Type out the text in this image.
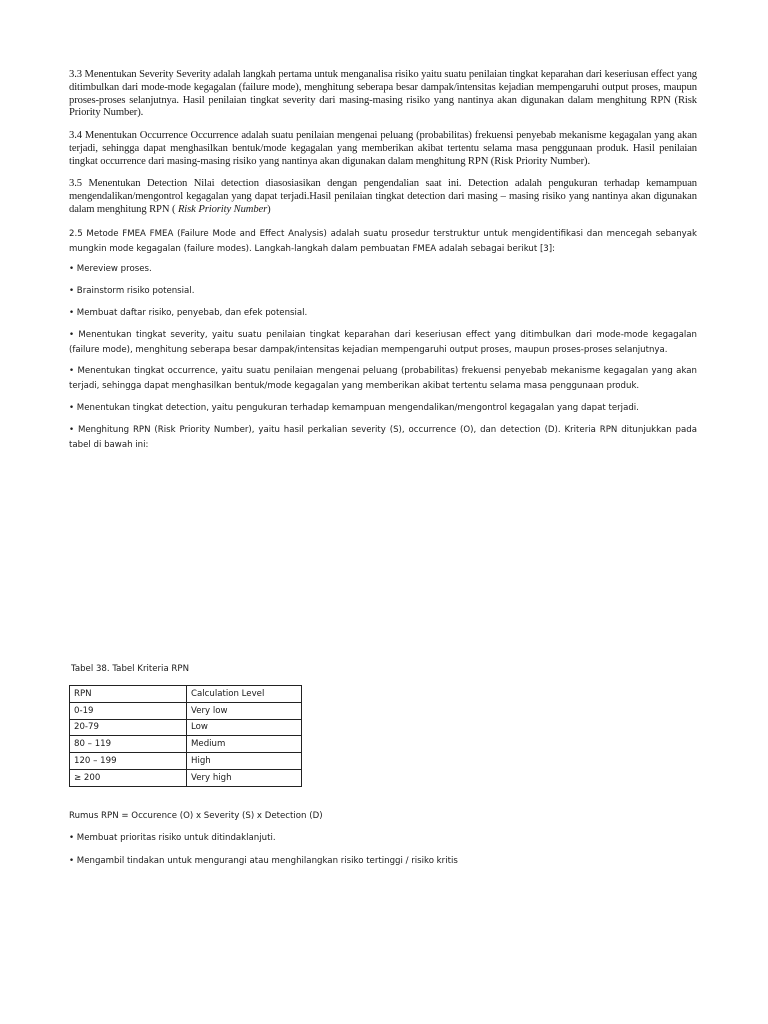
3.3 Menentukan Severity Severity adalah langkah pertama untuk menganalisa risiko yaitu suatu penilaian tingkat keparahan dari keseriusan effect yang ditimbulkan dari mode-mode kegagalan (failure mode), menghitung seberapa besar dampak/intensitas kejadian mempengaruhi output proses, maupun proses-proses selanjutnya. Hasil penilaian tingkat severity dari masing-masing risiko yang nantinya akan digunakan dalam menghitung RPN (Risk Priority Number).

3.4 Menentukan Occurrence Occurrence adalah suatu penilaian mengenai peluang (probabilitas) frekuensi penyebab mekanisme kegagalan yang akan terjadi, sehingga dapat menghasilkan bentuk/mode kegagalan yang memberikan akibat tertentu selama masa penggunaan produk. Hasil penilaian tingkat occurrence dari masing-masing risiko yang nantinya akan digunakan dalam menghitung RPN (Risk Priority Number).

3.5 Menentukan Detection Nilai detection diasosiasikan dengan pengendalian saat ini. Detection adalah pengukuran terhadap kemampuan mengendalikan/mengontrol kegagalan yang dapat terjadi.Hasil penilaian tingkat detection dari masing – masing risiko yang nantinya akan digunakan dalam menghitung RPN ( Risk Priority Number)

2.5 Metode FMEA FMEA (Failure Mode and Effect Analysis) adalah suatu prosedur terstruktur untuk mengidentifikasi dan mencegah sebanyak mungkin mode kegagalan (failure modes). Langkah-langkah dalam pembuatan FMEA adalah sebagai berikut [3]:

• Mereview proses.

• Brainstorm risiko potensial.

• Membuat daftar risiko, penyebab, dan efek potensial.

• Menentukan tingkat severity, yaitu suatu penilaian tingkat keparahan dari keseriusan effect yang ditimbulkan dari mode-mode kegagalan (failure mode), menghitung seberapa besar dampak/intensitas kejadian mempengaruhi output proses, maupun proses-proses selanjutnya.

• Menentukan tingkat occurrence, yaitu suatu penilaian mengenai peluang (probabilitas) frekuensi penyebab mekanisme kegagalan yang akan terjadi, sehingga dapat menghasilkan bentuk/mode kegagalan yang memberikan akibat tertentu selama masa penggunaan produk.

• Menentukan tingkat detection, yaitu pengukuran terhadap kemampuan mengendalikan/mengontrol kegagalan yang dapat terjadi.

• Menghitung RPN (Risk Priority Number), yaitu hasil perkalian severity (S), occurrence (O), dan detection (D). Kriteria RPN ditunjukkan pada tabel di bawah ini:

Tabel 38. Tabel Kriteria RPN

RPN	Calculation Level
0-19	Very low
20-79	Low
80 – 119	Medium
120 – 199	High
≥ 200	Very high

Rumus RPN = Occurence (O) x Severity (S) x Detection (D)

• Membuat prioritas risiko untuk ditindaklanjuti.

• Mengambil tindakan untuk mengurangi atau menghilangkan risiko tertinggi / risiko kritis
